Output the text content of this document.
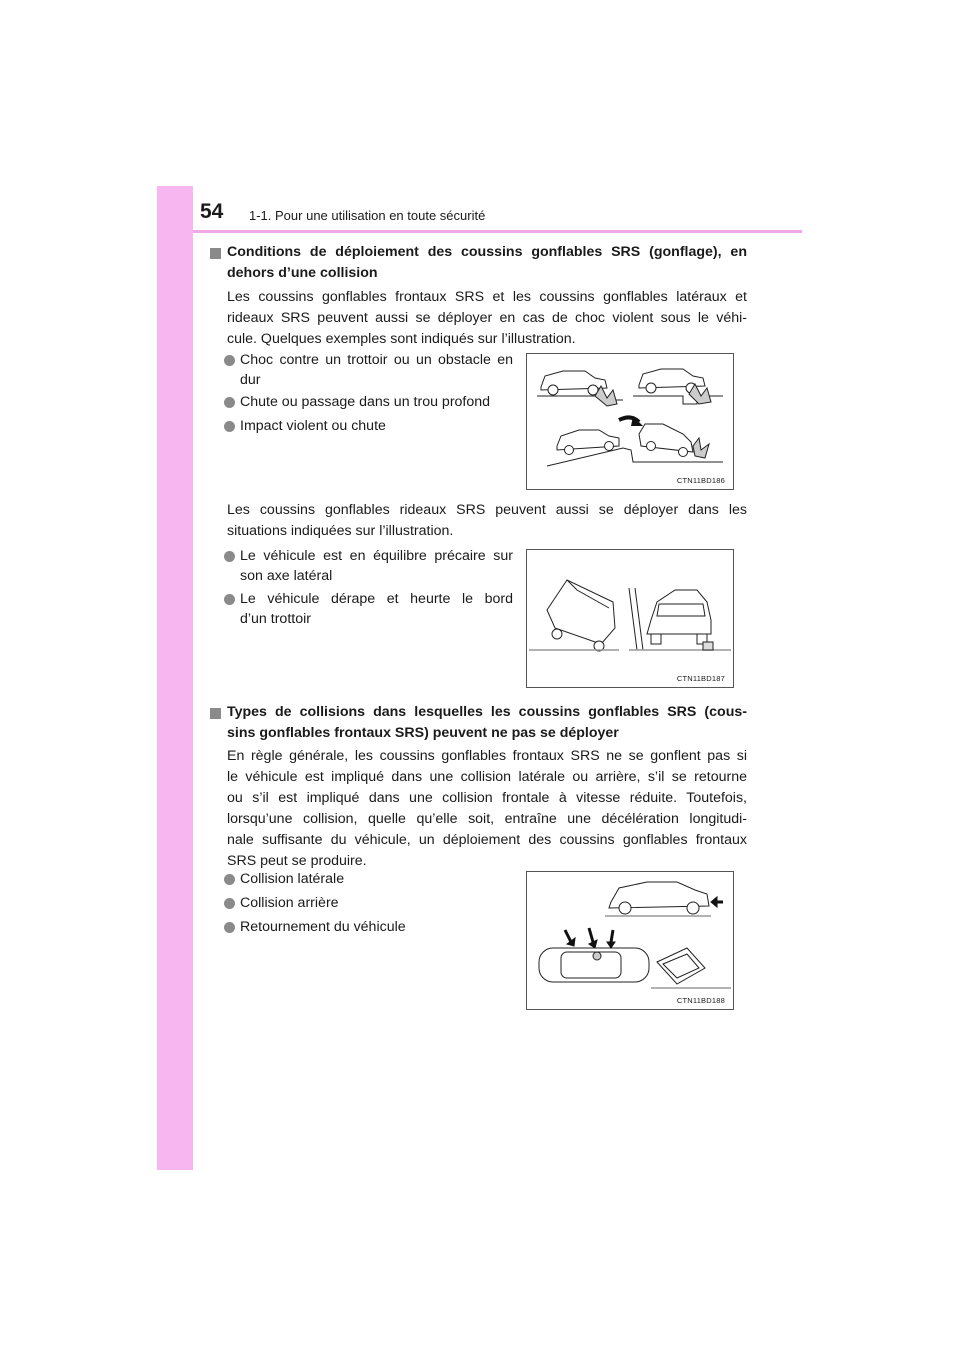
54 1-1. Pour une utilisation en toute sécurité
Conditions de déploiement des coussins gonflables SRS (gonflage), en
dehors d’une collision
Les coussins gonflables frontaux SRS et les coussins gonflables latéraux et
rideaux SRS peuvent aussi se déployer en cas de choc violent sous le véhi-
cule. Quelques exemples sont indiqués sur l’illustration.
Choc contre un trottoir ou un obstacle en
dur
Chute ou passage dans un trou profond
Impact violent ou chute
CTN11BD186
Les coussins gonflables rideaux SRS peuvent aussi se déployer dans les
situations indiquées sur l’illustration.
Le véhicule est en équilibre précaire sur
son axe latéral
Le véhicule dérape et heurte le bord
d’un trottoir
CTN11BD187
Types de collisions dans lesquelles les coussins gonflables SRS (cous-
sins gonflables frontaux SRS) peuvent ne pas se déployer
En règle générale, les coussins gonflables frontaux SRS ne se gonflent pas si
le véhicule est impliqué dans une collision latérale ou arrière, s’il se retourne
ou s’il est impliqué dans une collision frontale à vitesse réduite. Toutefois,
lorsqu’une collision, quelle qu’elle soit, entraîne une décélération longitudi-
nale suffisante du véhicule, un déploiement des coussins gonflables frontaux
SRS peut se produire.
Collision latérale
Collision arrière
Retournement du véhicule
CTN11BD188
